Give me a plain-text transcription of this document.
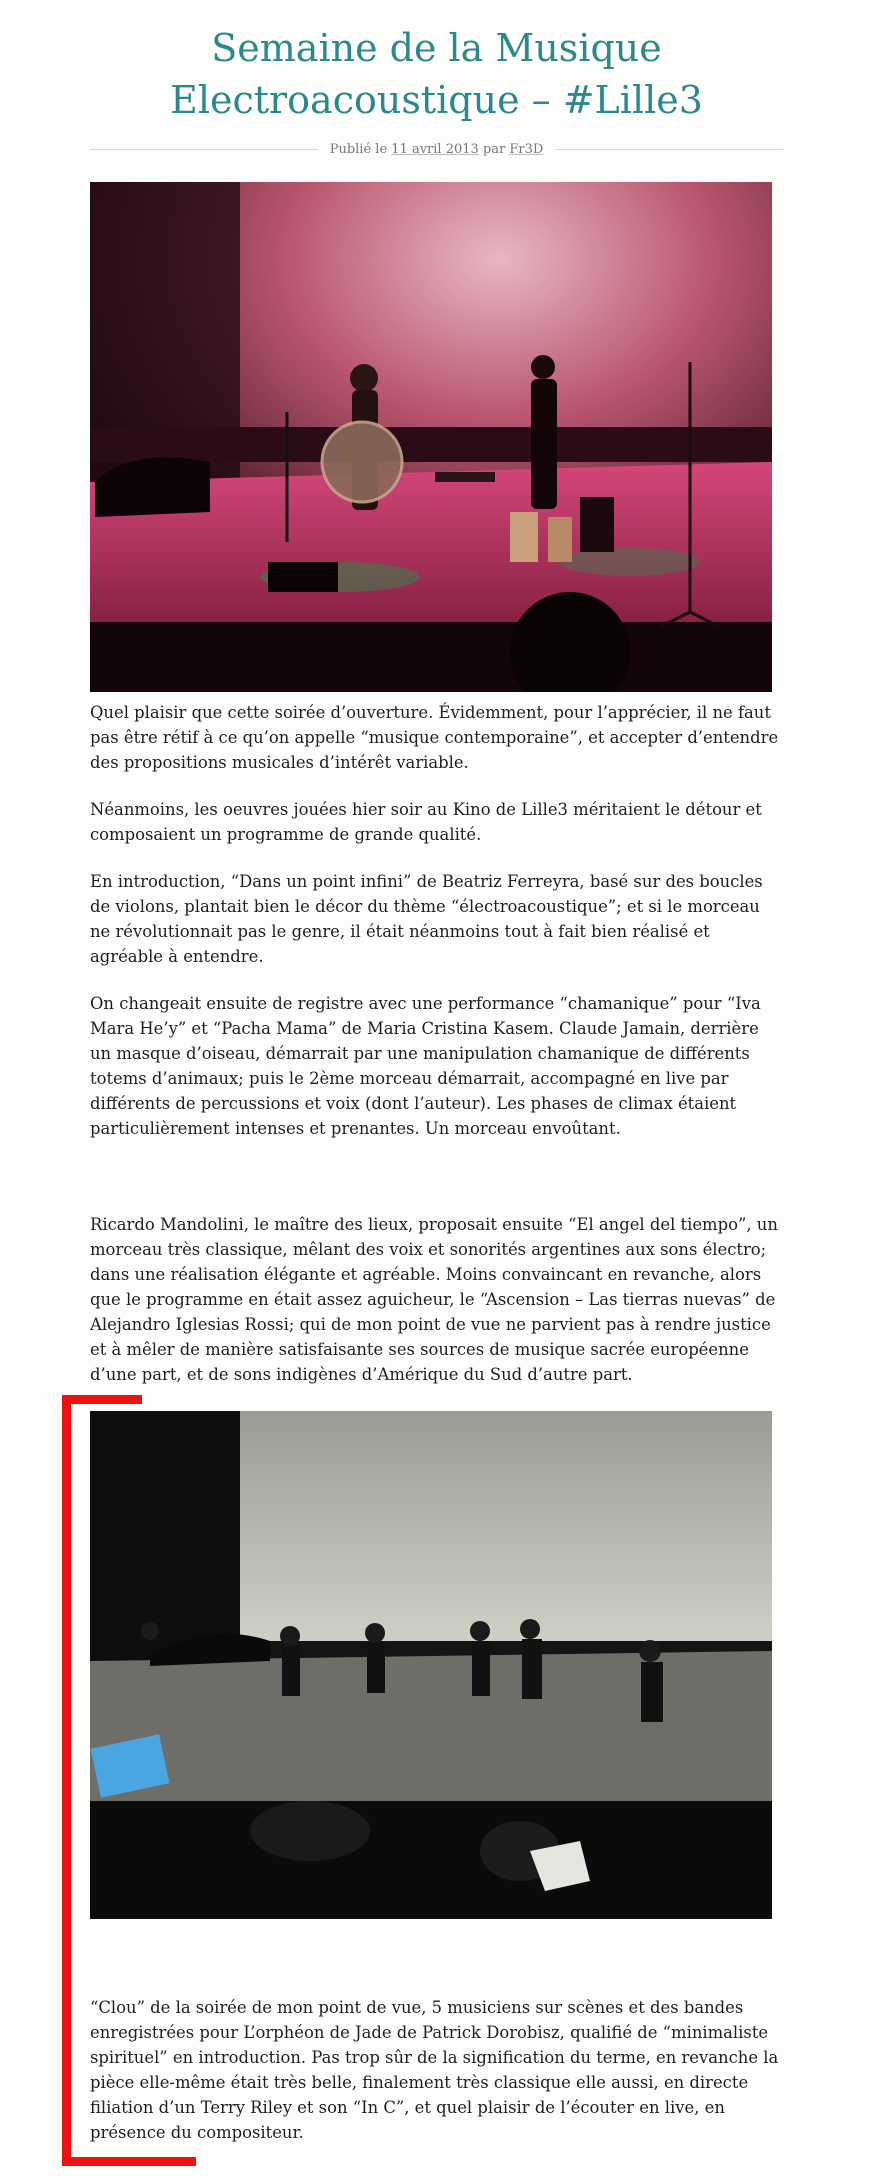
Semaine de la Musique
Electroacoustique – #Lille3
Publié le 11 avril 2013 par Fr3D

Quel plaisir que cette soirée d’ouverture. Évidemment, pour l’apprécier, il ne faut pas être rétif à ce qu’on appelle “musique contemporaine”, et accepter d’entendre des propositions musicales d’intérêt variable.

Néanmoins, les oeuvres jouées hier soir au Kino de Lille3 méritaient le détour et composaient un programme de grande qualité.

En introduction, “Dans un point infini” de Beatriz Ferreyra, basé sur des boucles de violons, plantait bien le décor du thème “électroacoustique”; et si le morceau ne révolutionnait pas le genre, il était néanmoins tout à fait bien réalisé et agréable à entendre.

On changeait ensuite de registre avec une performance “chamanique” pour “Iva Mara He’y” et “Pacha Mama” de Maria Cristina Kasem. Claude Jamain, derrière un masque d’oiseau, démarrait par une manipulation chamanique de différents totems d’animaux; puis le 2ème morceau démarrait, accompagné en live par différents de percussions et voix (dont l’auteur). Les phases de climax étaient particulièrement intenses et prenantes. Un morceau envoûtant.

Ricardo Mandolini, le maître des lieux, proposait ensuite “El angel del tiempo”, un morceau très classique, mêlant des voix et sonorités argentines aux sons électro; dans une réalisation élégante et agréable. Moins convaincant en revanche, alors que le programme en était assez aguicheur, le “Ascension – Las tierras nuevas” de Alejandro Iglesias Rossi; qui de mon point de vue ne parvient pas à rendre justice et à mêler de manière satisfaisante ses sources de musique sacrée européenne d’une part, et de sons indigènes d’Amérique du Sud d’autre part.

“Clou” de la soirée de mon point de vue, 5 musiciens sur scènes et des bandes enregistrées pour L’orphéon de Jade de Patrick Dorobisz, qualifié de “minimaliste spirituel” en introduction. Pas trop sûr de la signification du terme, en revanche la pièce elle-même était très belle, finalement très classique elle aussi, en directe filiation d’un Terry Riley et son “In C”, et quel plaisir de l’écouter en live, en présence du compositeur.
